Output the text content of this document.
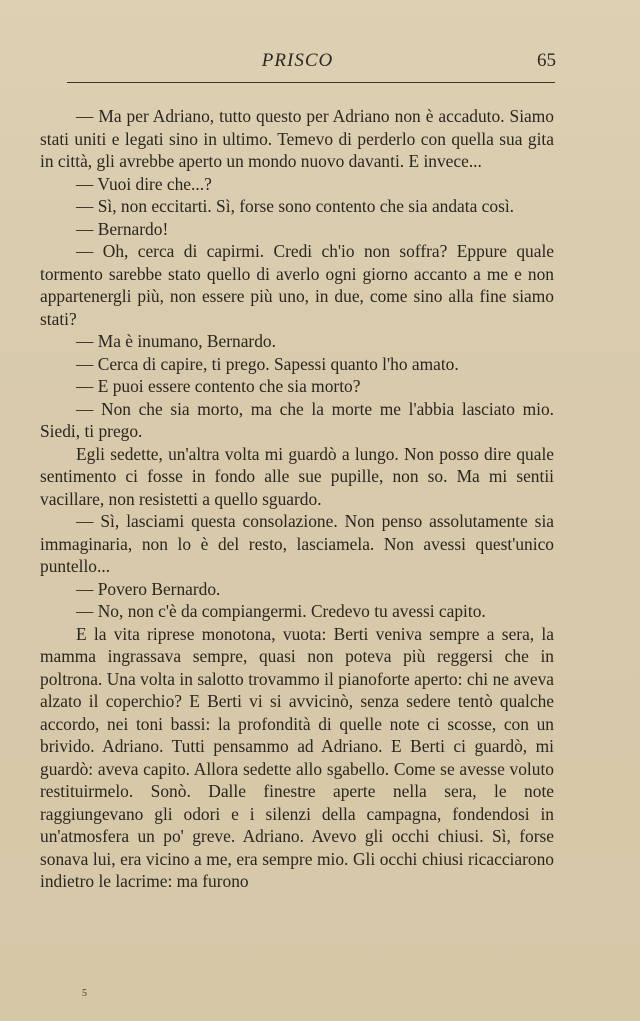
PRISCO	65

— Ma per Adriano, tutto questo per Adriano non è accaduto. Siamo stati uniti e legati sino in ultimo. Temevo di perderlo con quella sua gita in città, gli avrebbe aperto un mondo nuovo davanti. E invece...

— Vuoi dire che...?

— Sì, non eccitarti. Sì, forse sono contento che sia andata così.

— Bernardo!

— Oh, cerca di capirmi. Credi ch'io non soffra? Eppure quale tormento sarebbe stato quello di averlo ogni giorno accanto a me e non appartenergli più, non essere più uno, in due, come sino alla fine siamo stati?

— Ma è inumano, Bernardo.

— Cerca di capire, ti prego. Sapessi quanto l'ho amato.

— E puoi essere contento che sia morto?

— Non che sia morto, ma che la morte me l'abbia lasciato mio. Siedi, ti prego.

Egli sedette, un'altra volta mi guardò a lungo. Non posso dire quale sentimento ci fosse in fondo alle sue pupille, non so. Ma mi sentii vacillare, non resistetti a quello sguardo.

— Sì, lasciami questa consolazione. Non penso assolutamente sia immaginaria, non lo è del resto, lasciamela. Non avessi quest'unico puntello...

— Povero Bernardo.

— No, non c'è da compiangermi. Credevo tu avessi capito.

E la vita riprese monotona, vuota: Berti veniva sempre a sera, la mamma ingrassava sempre, quasi non poteva più reggersi che in poltrona. Una volta in salotto trovammo il pianoforte aperto: chi ne aveva alzato il coperchio? E Berti vi si avvicinò, senza sedere tentò qualche accordo, nei toni bassi: la profondità di quelle note ci scosse, con un brivido. Adriano. Tutti pensammo ad Adriano. E Berti ci guardò, mi guardò: aveva capito. Allora sedette allo sgabello. Come se avesse voluto restituirmelo. Sonò. Dalle finestre aperte nella sera, le note raggiungevano gli odori e i silenzi della campagna, fondendosi in un'atmosfera un po' greve. Adriano. Avevo gli occhi chiusi. Sì, forse sonava lui, era vicino a me, era sempre mio. Gli occhi chiusi ricacciarono indietro le lacrime: ma furono

5
